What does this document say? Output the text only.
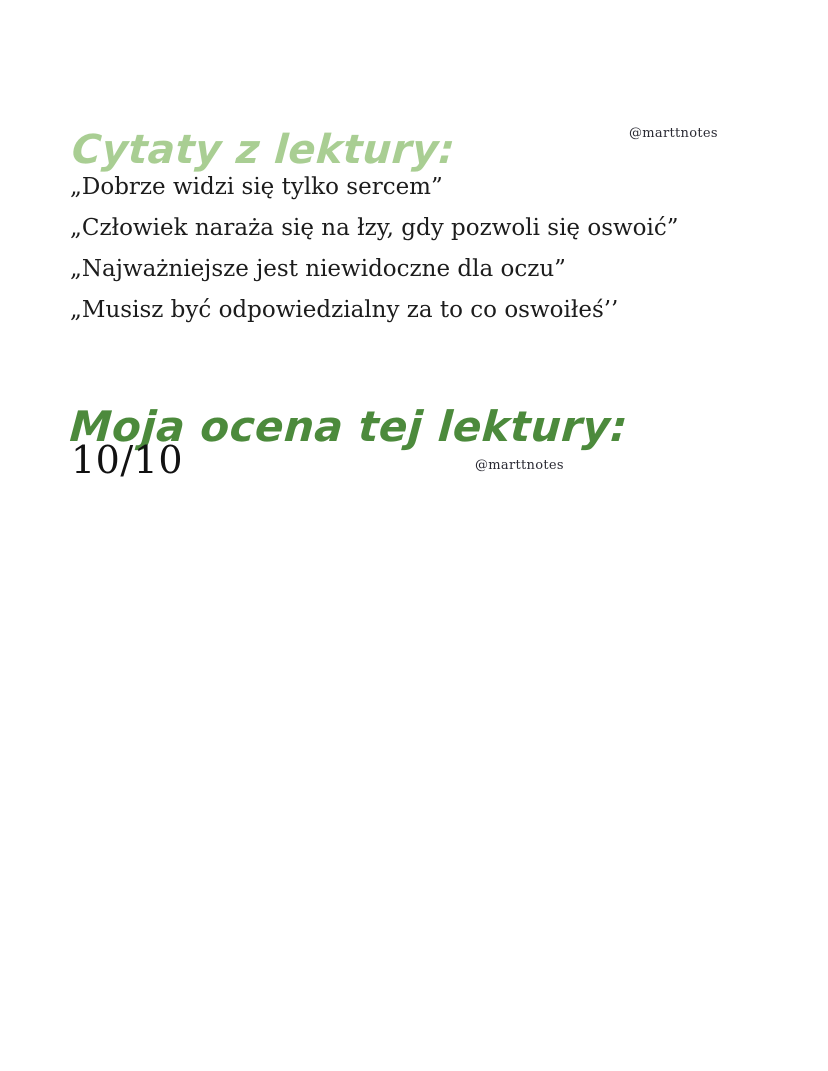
Cytaty z lektury:	@marttnotes
„Dobrze widzi się tylko sercem”
„Człowiek naraża się na łzy, gdy pozwoli się oswoić”
„Najważniejsze jest niewidoczne dla oczu”
„Musisz być odpowiedzialny za to co oswoiłeś’’
Moja ocena tej lektury:
10/10	@marttnotes
